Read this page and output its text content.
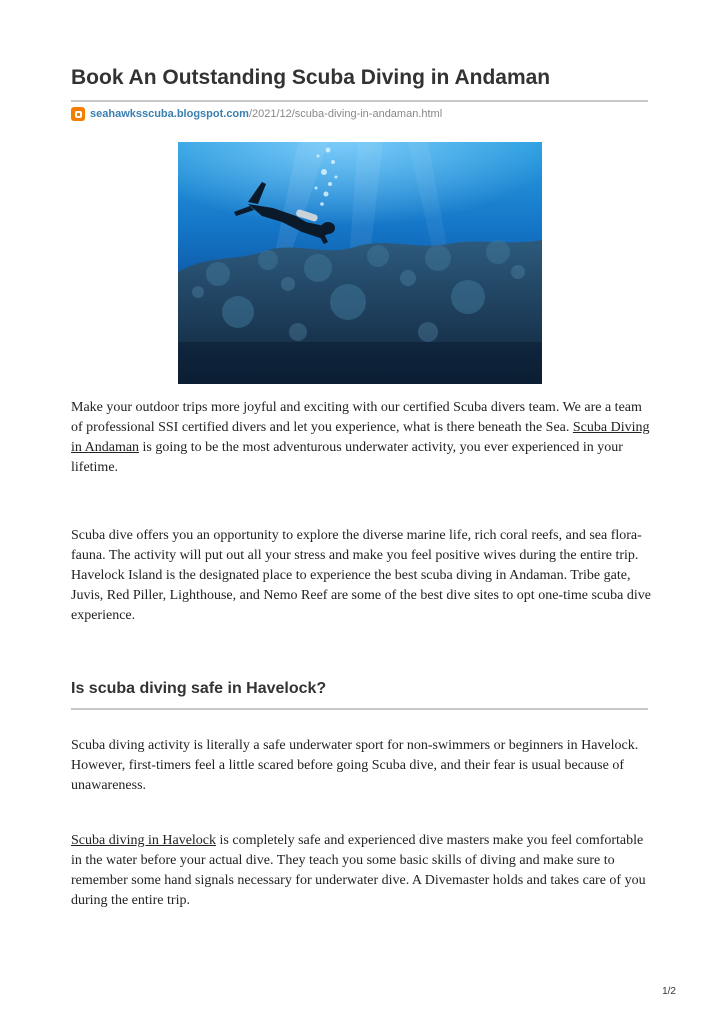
Book An Outstanding Scuba Diving in Andaman
seahawksscuba.blogspot.com /2021/12/scuba-diving-in-andaman.html

Make your outdoor trips more joyful and exciting with our certified Scuba divers team. We are a team of professional SSI certified divers and let you experience, what is there beneath the Sea. Scuba Diving in Andaman is going to be the most adventurous underwater activity, you ever experienced in your lifetime.

Scuba dive offers you an opportunity to explore the diverse marine life, rich coral reefs, and sea flora-fauna. The activity will put out all your stress and make you feel positive wives during the entire trip. Havelock Island is the designated place to experience the best scuba diving in Andaman. Tribe gate, Juvis, Red Piller, Lighthouse, and Nemo Reef are some of the best dive sites to opt one-time scuba dive experience.

Is scuba diving safe in Havelock?

Scuba diving activity is literally a safe underwater sport for non-swimmers or beginners in Havelock. However, first-timers feel a little scared before going Scuba dive, and their fear is usual because of unawareness.

Scuba diving in Havelock is completely safe and experienced dive masters make you feel comfortable in the water before your actual dive. They teach you some basic skills of diving and make sure to remember some hand signals necessary for underwater dive. A Divemaster holds and takes care of you during the entire trip.

1/2
